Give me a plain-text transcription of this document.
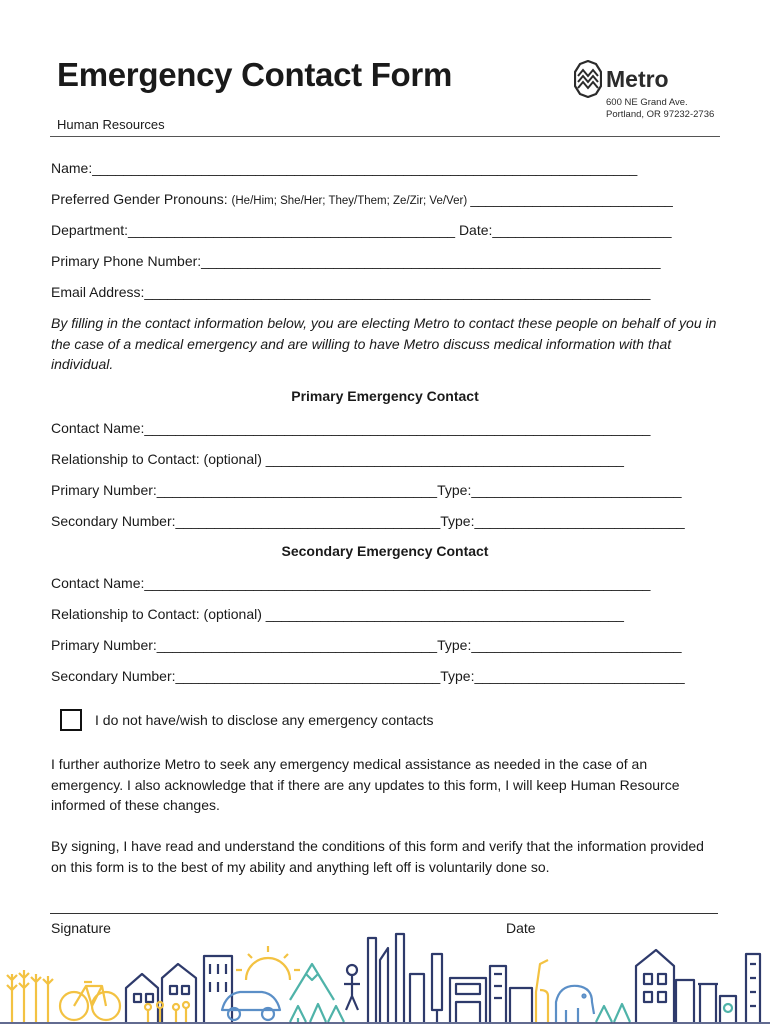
Emergency Contact Form
Human Resources
Metro
600 NE Grand Ave.
Portland, OR 97232-2736
Name:______________________________________________________________________
Preferred Gender Pronouns: (He/Him; She/Her; They/Them; Ze/Zir; Ve/Ver) __________________________
Department:__________________________________________ Date:_______________________
Primary Phone Number:___________________________________________________________
Email Address:_________________________________________________________________
By filling in the contact information below, you are electing Metro to contact these people on behalf of you in the case of a medical emergency and are willing to have Metro discuss medical information with that individual.
Primary Emergency Contact
Contact Name:_________________________________________________________________
Relationship to Contact: (optional) ______________________________________________
Primary Number:____________________________________Type:___________________________
Secondary Number:__________________________________Type:___________________________
Secondary Emergency Contact
Contact Name:_________________________________________________________________
Relationship to Contact: (optional) ______________________________________________
Primary Number:____________________________________Type:___________________________
Secondary Number:__________________________________Type:___________________________
I do not have/wish to disclose any emergency contacts
I further authorize Metro to seek any emergency medical assistance as needed in the case of an emergency. I also acknowledge that if there are any updates to this form, I will keep Human Resource informed of these changes.
By signing, I have read and understand the conditions of this form and verify that the information provided on this form is to the best of my ability and anything left off is voluntarily done so.
Signature	Date
